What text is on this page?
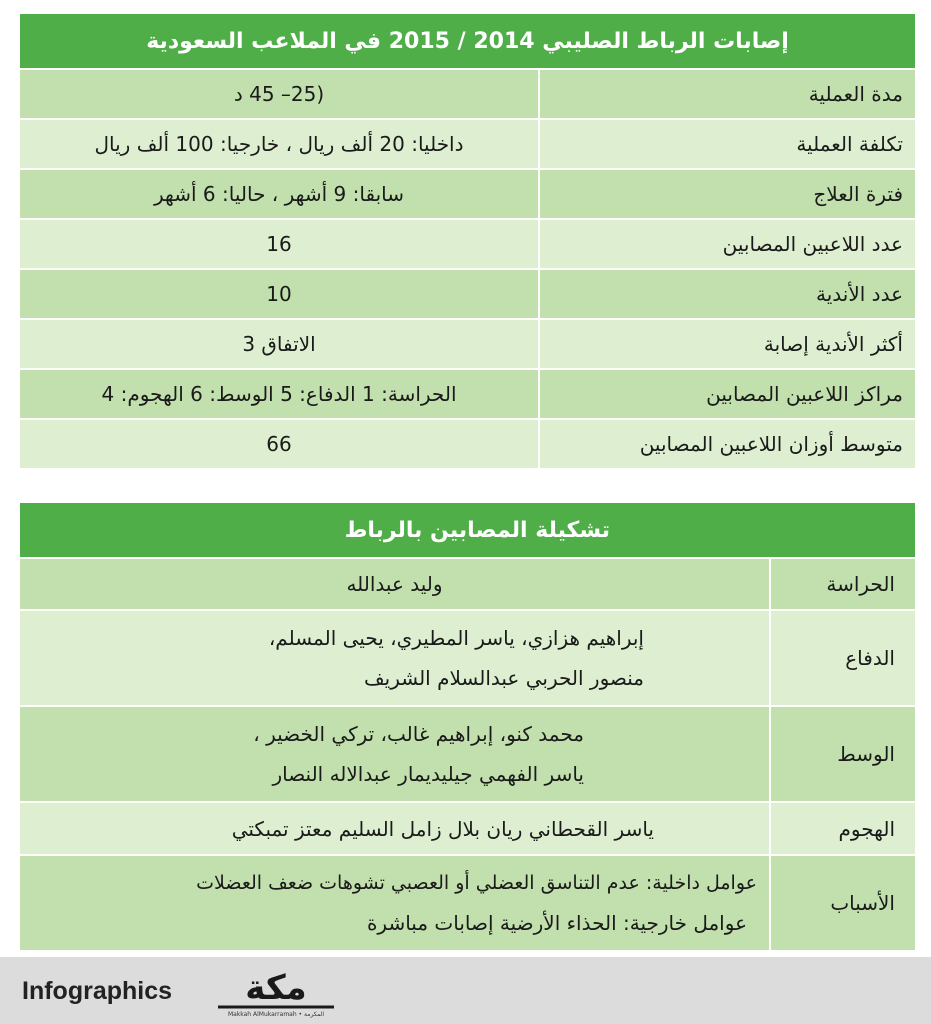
إصابات الرباط الصليبي 2014 / 2015 في الملاعب السعودية	
مدة العملية	(25– 45 د
تكلفة العملية	داخليا: 20 ألف ريال ، خارجيا: 100 ألف ريال
فترة العلاج	سابقا: 9 أشهر ، حاليا: 6 أشهر
عدد اللاعبين المصابين	16
عدد الأندية	10
أكثر الأندية إصابة	الاتفاق 3
مراكز اللاعبين المصابين	الحراسة: 1 الدفاع: 5 الوسط: 6 الهجوم: 4
متوسط أوزان اللاعبين المصابين	66
تشكيلة المصابين بالرباط	
الحراسة	وليد عبدالله

الدفاع	إبراهيم هزازي، ياسر المطيري، يحيى المسلم،
منصور الحربي عبدالسلام الشريف

الوسط	محمد كنو، إبراهيم غالب، تركي الخضير ،
ياسر الفهمي جيليديمار عبدالاله النصار

الهجوم	ياسر القحطاني ريان بلال زامل السليم معتز تمبكتي

الأسباب	عوامل داخلية: عدم التناسق العضلي أو العصبي تشوهات ضعف العضلات
عوامل خارجية: الحذاء الأرضية إصابات مباشرة
Infographics مكة
Makkah AlMukarramah • المكرمة
